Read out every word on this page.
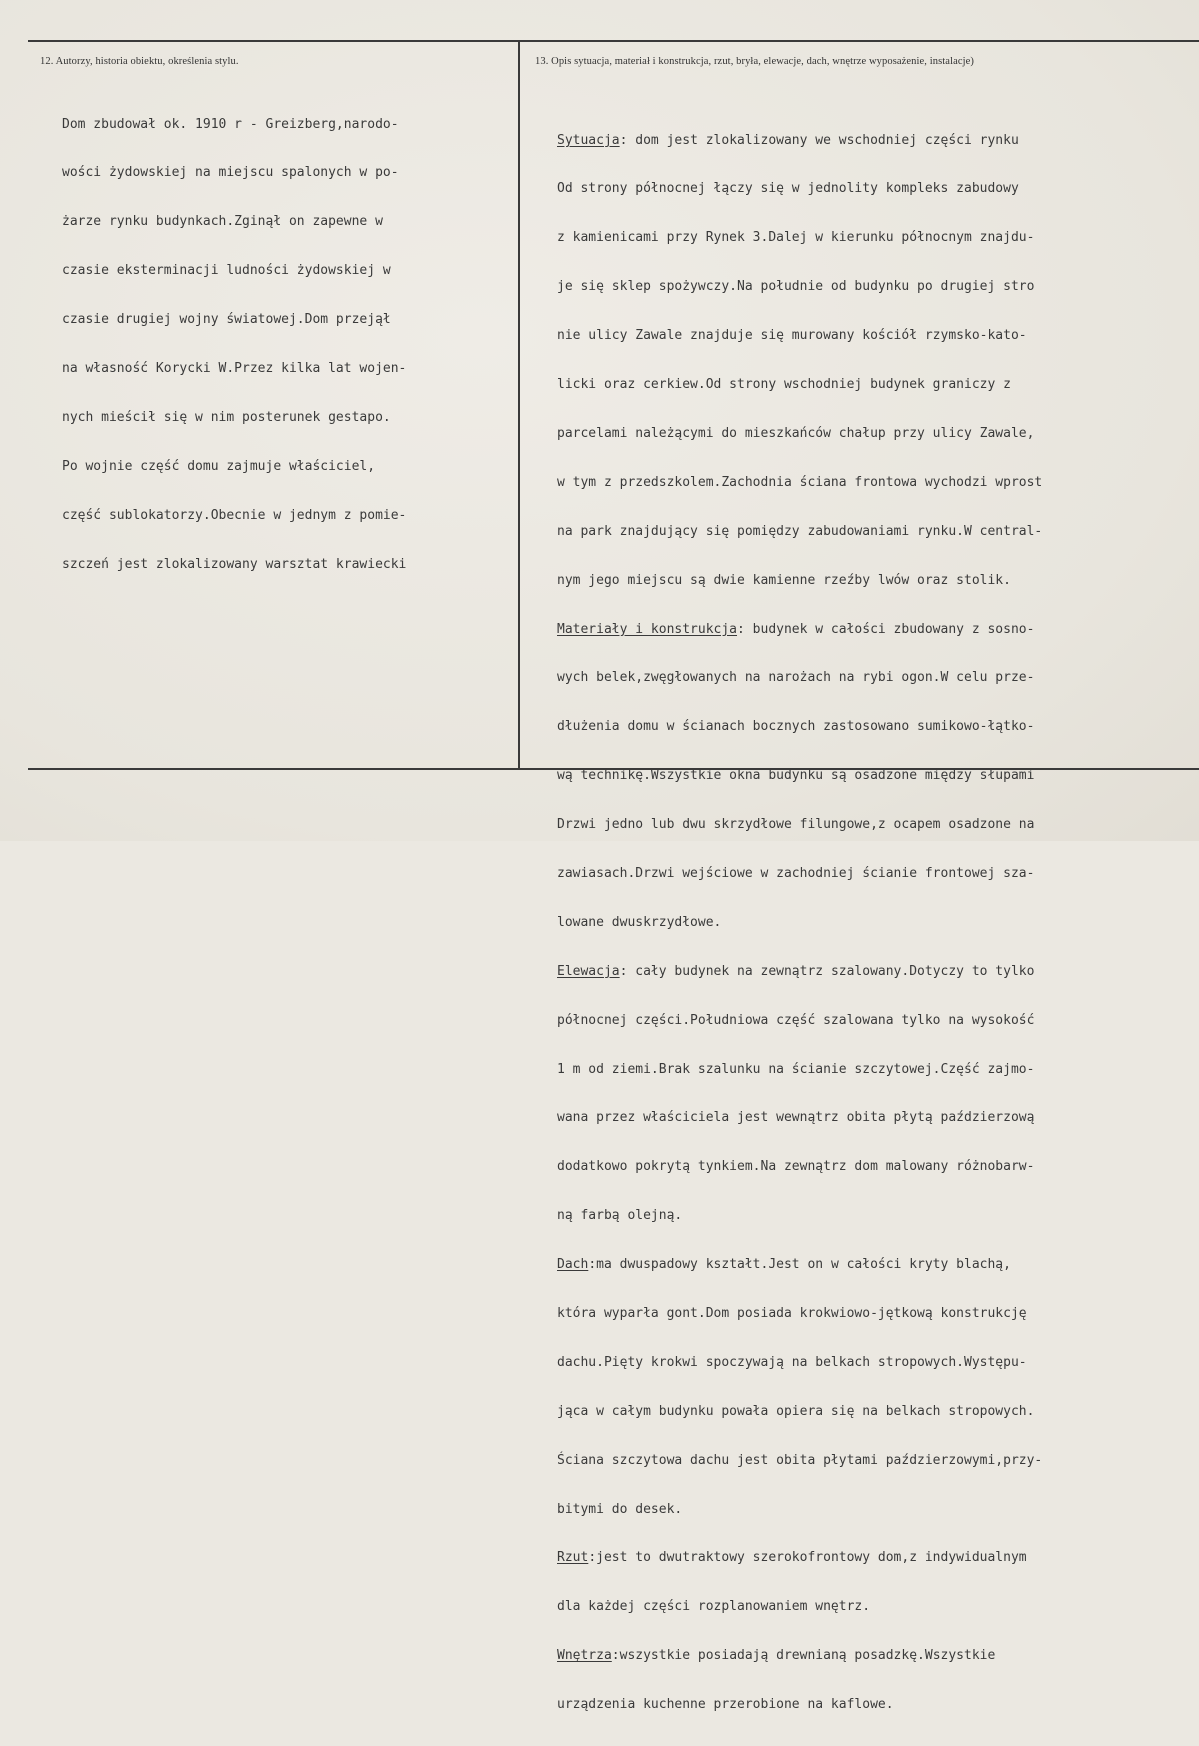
12. Autorzy, historia obiektu, określenia stylu.	13. Opis sytuacja, materiał i konstrukcja, rzut, bryła, elewacje, dach, wnętrze wyposażenie, instalacje)

Dom zbudował ok. 1910 r - Greizberg,narodo-

wości żydowskiej na miejscu spalonych w po-

żarze rynku budynkach.Zginął on zapewne w

czasie eksterminacji ludności żydowskiej w

czasie drugiej wojny światowej.Dom przejął

na własność Korycki W.Przez kilka lat wojen-

nych mieścił się w nim posterunek gestapo.

Po wojnie część domu zajmuje właściciel,

część sublokatorzy.Obecnie w jednym z pomie-

szczeń jest zlokalizowany warsztat krawiecki

Sytuacja: dom jest zlokalizowany we wschodniej części rynku

Od strony północnej łączy się w jednolity kompleks zabudowy

z kamienicami przy Rynek 3.Dalej w kierunku północnym znajdu-

je się sklep spożywczy.Na południe od budynku po drugiej stro

nie ulicy Zawale znajduje się murowany kościół rzymsko-kato-

licki oraz cerkiew.Od strony wschodniej budynek graniczy z

parcelami należącymi do mieszkańców chałup przy ulicy Zawale,

w tym z przedszkolem.Zachodnia ściana frontowa wychodzi wprost

na park znajdujący się pomiędzy zabudowaniami rynku.W central-

nym jego miejscu są dwie kamienne rzeźby lwów oraz stolik.

Materiały i konstrukcja: budynek w całości zbudowany z sosno-

wych belek,zwęgłowanych na narożach na rybi ogon.W celu prze-

dłużenia domu w ścianach bocznych zastosowano sumikowo-łątko-

wą technikę.Wszystkie okna budynku są osadzone między słupami

Drzwi jedno lub dwu skrzydłowe filungowe,z ocapem osadzone na

zawiasach.Drzwi wejściowe w zachodniej ścianie frontowej sza-

lowane dwuskrzydłowe.

Elewacja: cały budynek na zewnątrz szalowany.Dotyczy to tylko

północnej części.Południowa część szalowana tylko na wysokość

1 m od ziemi.Brak szalunku na ścianie szczytowej.Część zajmo-

wana przez właściciela jest wewnątrz obita płytą paździerzową

dodatkowo pokrytą tynkiem.Na zewnątrz dom malowany różnobarw-

ną farbą olejną.

Dach:ma dwuspadowy kształt.Jest on w całości kryty blachą,

która wyparła gont.Dom posiada krokwiowo-jętkową konstrukcję

dachu.Pięty krokwi spoczywają na belkach stropowych.Występu-

jąca w całym budynku powała opiera się na belkach stropowych.

Ściana szczytowa dachu jest obita płytami paździerzowymi,przy-

bitymi do desek.

Rzut:jest to dwutraktowy szerokofrontowy dom,z indywidualnym

dla każdej części rozplanowaniem wnętrz.

Wnętrza:wszystkie posiadają drewnianą posadzkę.Wszystkie

urządzenia kuchenne przerobione na kaflowe.
